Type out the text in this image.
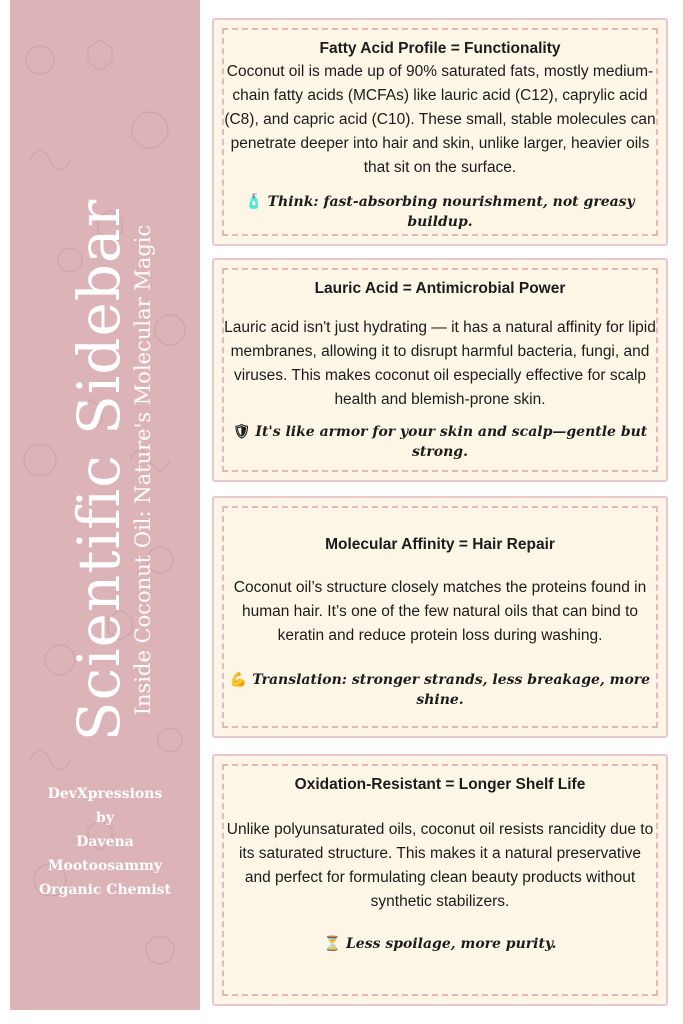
Scientific Sidebar
Inside Coconut Oil: Nature's Molecular Magic
DevXpressions
by
Davena
Mootoosammy
Organic Chemist
Fatty Acid Profile = Functionality

Coconut oil is made up of 90% saturated fats, mostly medium-chain fatty acids (MCFAs) like lauric acid (C12), caprylic acid (C8), and capric acid (C10). These small, stable molecules can penetrate deeper into hair and skin, unlike larger, heavier oils that sit on the surface.

🧴 Think: fast-absorbing nourishment, not greasy buildup.
Lauric Acid = Antimicrobial Power

Lauric acid isn't just hydrating — it has a natural affinity for lipid membranes, allowing it to disrupt harmful bacteria, fungi, and viruses. This makes coconut oil especially effective for scalp health and blemish-prone skin.

🛡 It's like armor for your skin and scalp—gentle but strong.
Molecular Affinity = Hair Repair

Coconut oil’s structure closely matches the proteins found in human hair. It’s one of the few natural oils that can bind to keratin and reduce protein loss during washing.

💪 Translation: stronger strands, less breakage, more shine.
Oxidation-Resistant = Longer Shelf Life

Unlike polyunsaturated oils, coconut oil resists rancidity due to its saturated structure. This makes it a natural preservative and perfect for formulating clean beauty products without synthetic stabilizers.

⏳ Less spoilage, more purity.
